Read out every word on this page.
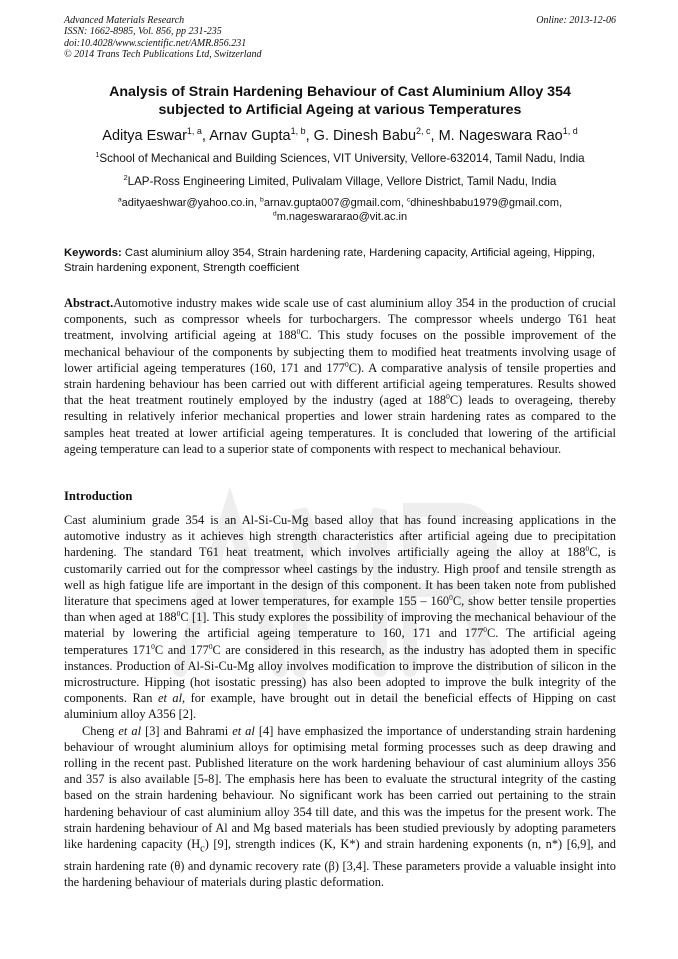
Advanced Materials Research
ISSN: 1662-8985, Vol. 856, pp 231-235
doi:10.4028/www.scientific.net/AMR.856.231
© 2014 Trans Tech Publications Ltd, Switzerland
Online: 2013-12-06
Analysis of Strain Hardening Behaviour of Cast Aluminium Alloy 354
subjected to Artificial Ageing at various Temperatures
Aditya Eswar$^{1, a}$, Arnav Gupta$^{1, b}$, G. Dinesh Babu$^{2, c}$, M. Nageswara Rao$^{1, d}$
$^1$School of Mechanical and Building Sciences, VIT University, Vellore-632014, Tamil Nadu, India
$^2$LAP-Ross Engineering Limited, Pulivalam Village, Vellore District, Tamil Nadu, India
$^a$adityaeshwar@yahoo.co.in, $^b$arnav.gupta007@gmail.com, $^c$dhineshbabu1979@gmail.com,
$^d$m.nageswararao@vit.ac.in
Keywords: Cast aluminium alloy 354, Strain hardening rate, Hardening capacity, Artificial ageing, Hipping, Strain hardening exponent, Strength coefficient

Abstract.Automotive industry makes wide scale use of cast aluminium alloy 354 in the production of crucial components, such as compressor wheels for turbochargers. The compressor wheels undergo T61 heat treatment, involving artificial ageing at $188^0C$. This study focuses on the possible improvement of the mechanical behaviour of the components by subjecting them to modified heat treatments involving usage of lower artificial ageing temperatures (160, 171 and $177^0C$). A comparative analysis of tensile properties and strain hardening behaviour has been carried out with different artificial ageing temperatures. Results showed that the heat treatment routinely employed by the industry (aged at $188^0C$) leads to overageing, thereby resulting in relatively inferior mechanical properties and lower strain hardening rates as compared to the samples heat treated at lower artificial ageing temperatures. It is concluded that lowering of the artificial ageing temperature can lead to a superior state of components with respect to mechanical behaviour.

Introduction

Cast aluminium grade 354 is an Al-Si-Cu-Mg based alloy that has found increasing applications in the automotive industry as it achieves high strength characteristics after artificial ageing due to precipitation hardening. The standard T61 heat treatment, which involves artificially ageing the alloy at $188^0C$, is customarily carried out for the compressor wheel castings by the industry. High proof and tensile strength as well as high fatigue life are important in the design of this component. It has been taken note from published literature that specimens aged at lower temperatures, for example $155 - 160^0C$, show better tensile properties than when aged at $188^0C$ [1]. This study explores the possibility of improving the mechanical behaviour of the material by lowering the artificial ageing temperature to 160, 171 and $177^0C$. The artificial ageing temperatures $171^0C$ and $177^0C$ are considered in this research, as the industry has adopted them in specific instances. Production of Al-Si-Cu-Mg alloy involves modification to improve the distribution of silicon in the microstructure. Hipping (hot isostatic pressing) has also been adopted to improve the bulk integrity of the components. Ran et al, for example, have brought out in detail the beneficial effects of Hipping on cast aluminium alloy A356 [2].

Cheng et al [3] and Bahrami et al [4] have emphasized the importance of understanding strain hardening behaviour of wrought aluminium alloys for optimising metal forming processes such as deep drawing and rolling in the recent past. Published literature on the work hardening behaviour of cast aluminium alloys 356 and 357 is also available [5-8]. The emphasis here has been to evaluate the structural integrity of the casting based on the strain hardening behaviour. No significant work has been carried out pertaining to the strain hardening behaviour of cast aluminium alloy 354 till date, and this was the impetus for the present work. The strain hardening behaviour of Al and Mg based materials has been studied previously by adopting parameters like hardening capacity $(H_c)$ [9], strength indices (K, K*) and strain hardening exponents (n, n*) [6,9], and strain hardening rate (θ) and dynamic recovery rate (β) [3,4]. These parameters provide a valuable insight into the hardening behaviour of materials during plastic deformation.
